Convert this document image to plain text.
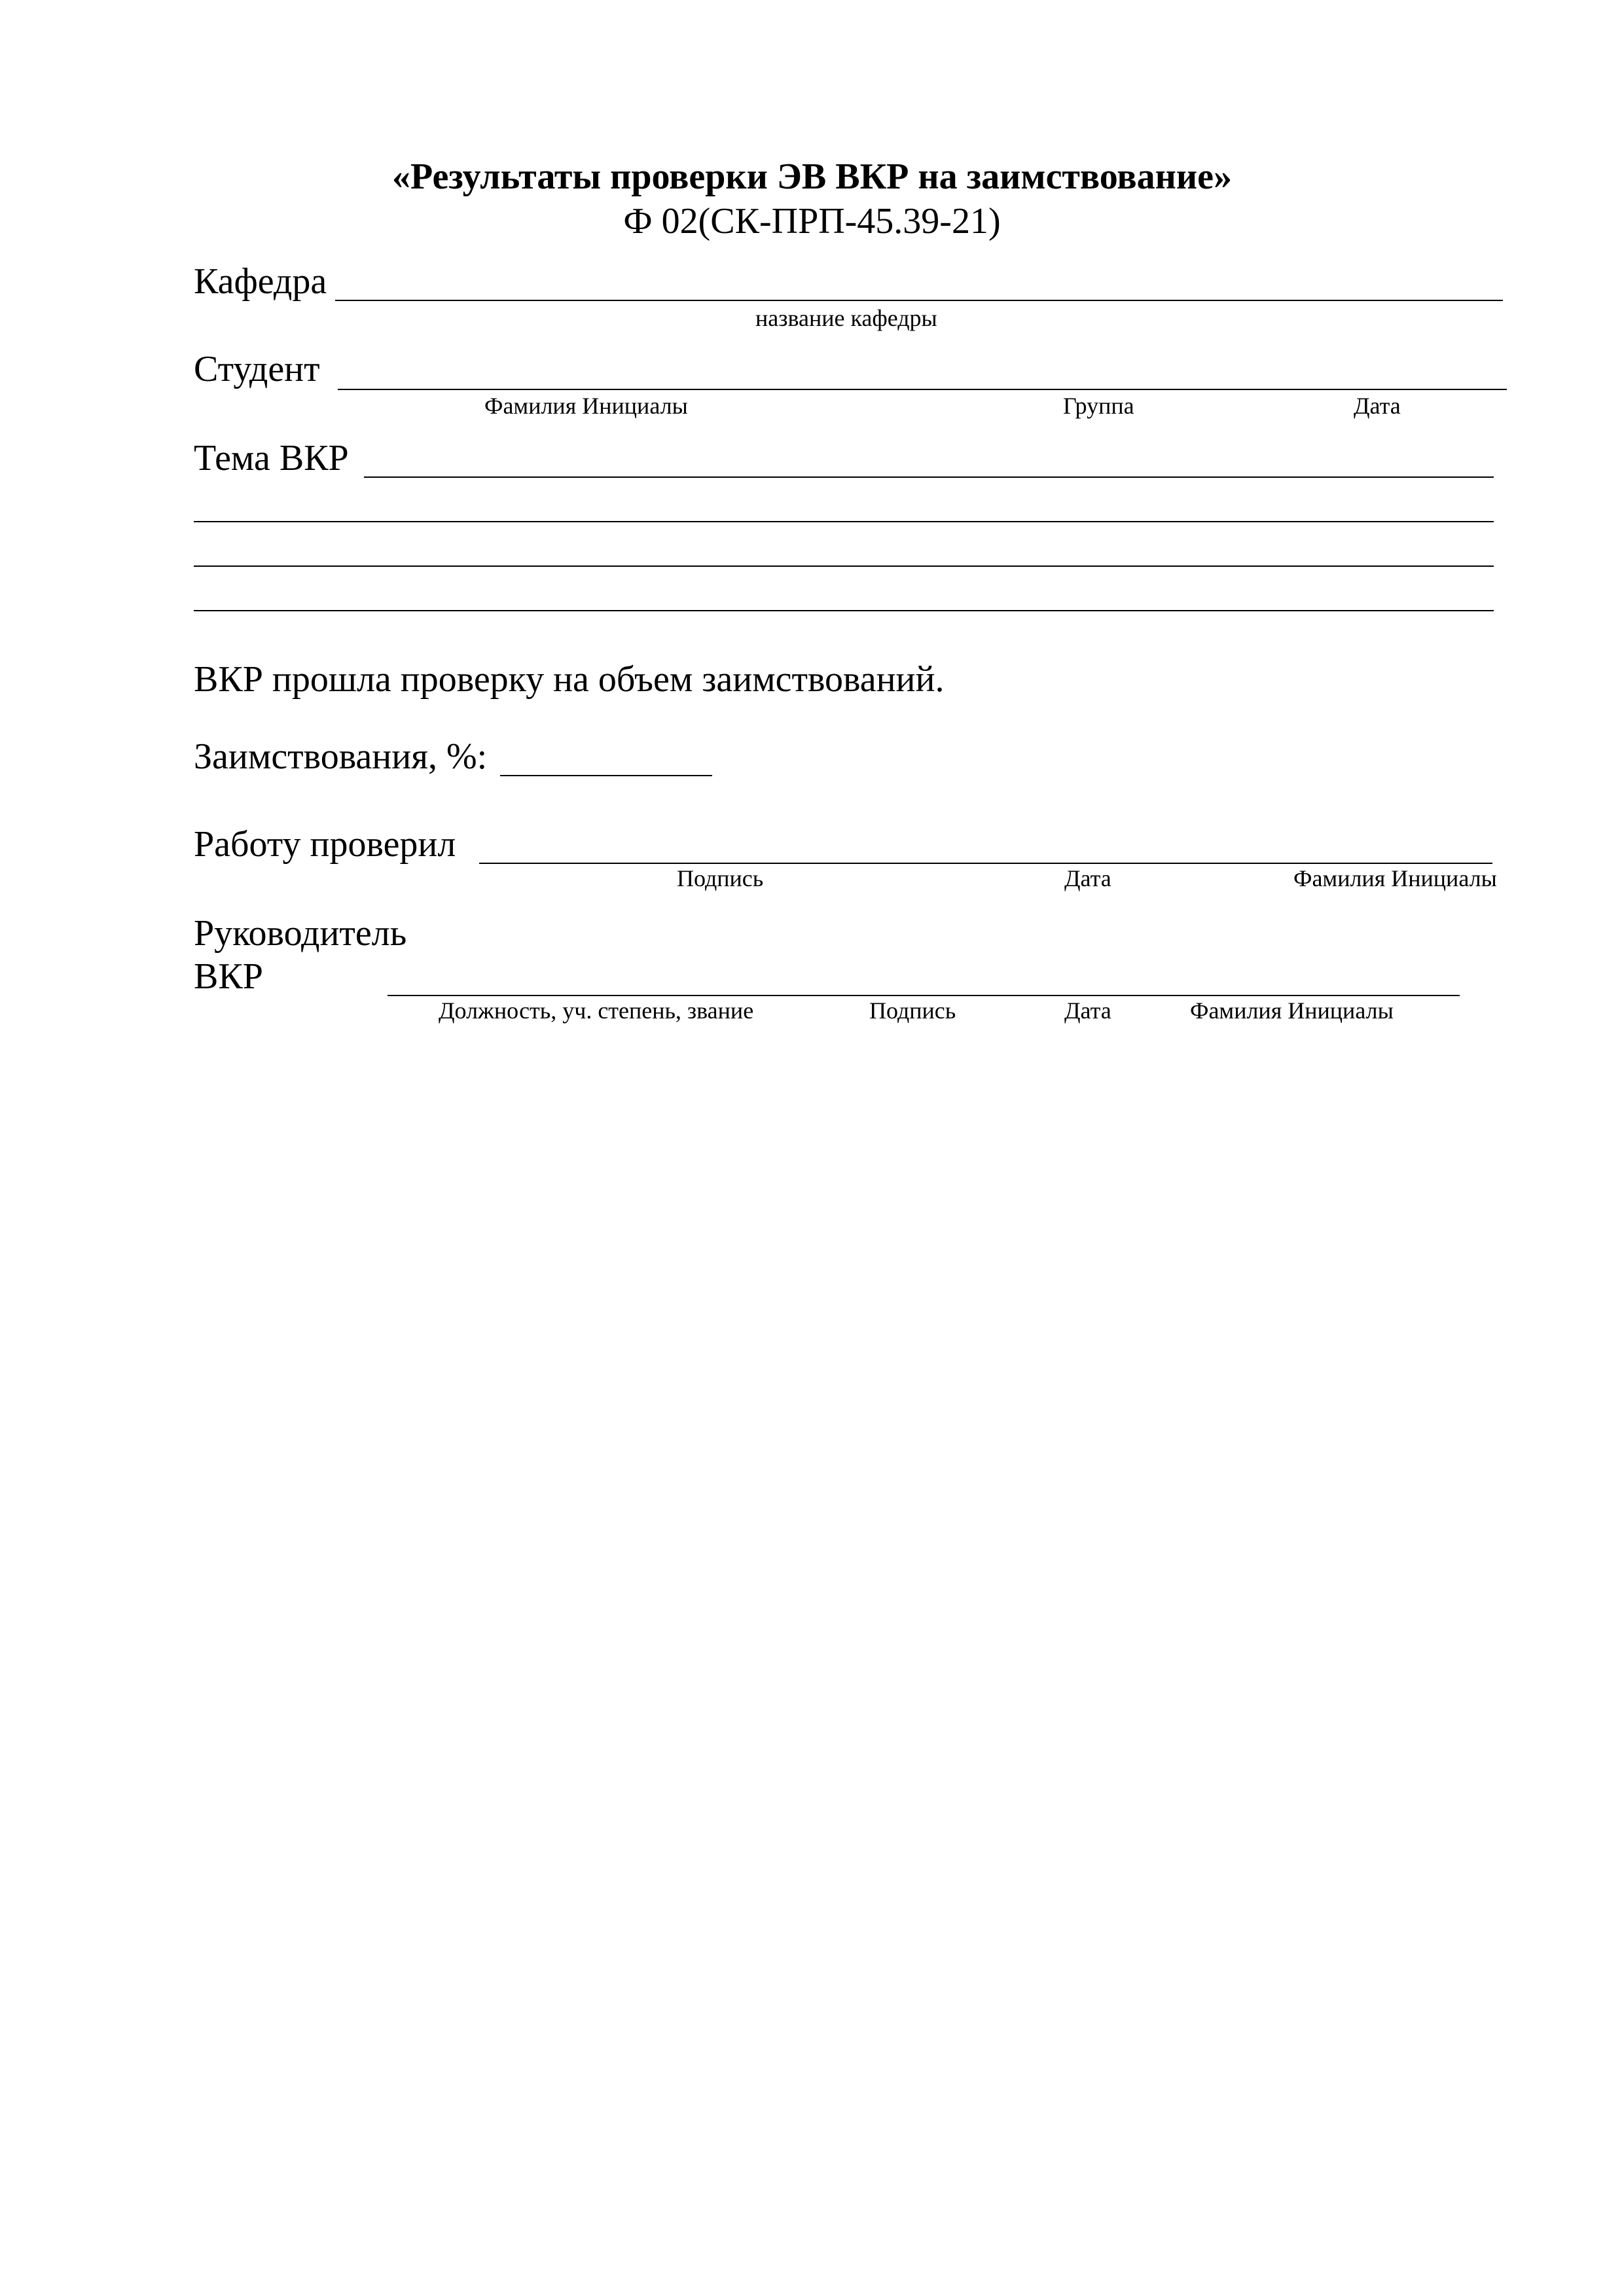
«Результаты проверки ЭВ ВКР на заимствование»
Ф 02(СК-ПРП-45.39-21)
Кафедра
название кафедры
Студент
Фамилия Инициалы	Группа	Дата
Тема ВКР
ВКР прошла проверку на объем заимствований.
Заимствования, %:
Работу проверил
Подпись	Дата	Фамилия Инициалы
Руководитель
ВКР
Должность, уч. степень, звание	Подпись	Дата	Фамилия Инициалы
